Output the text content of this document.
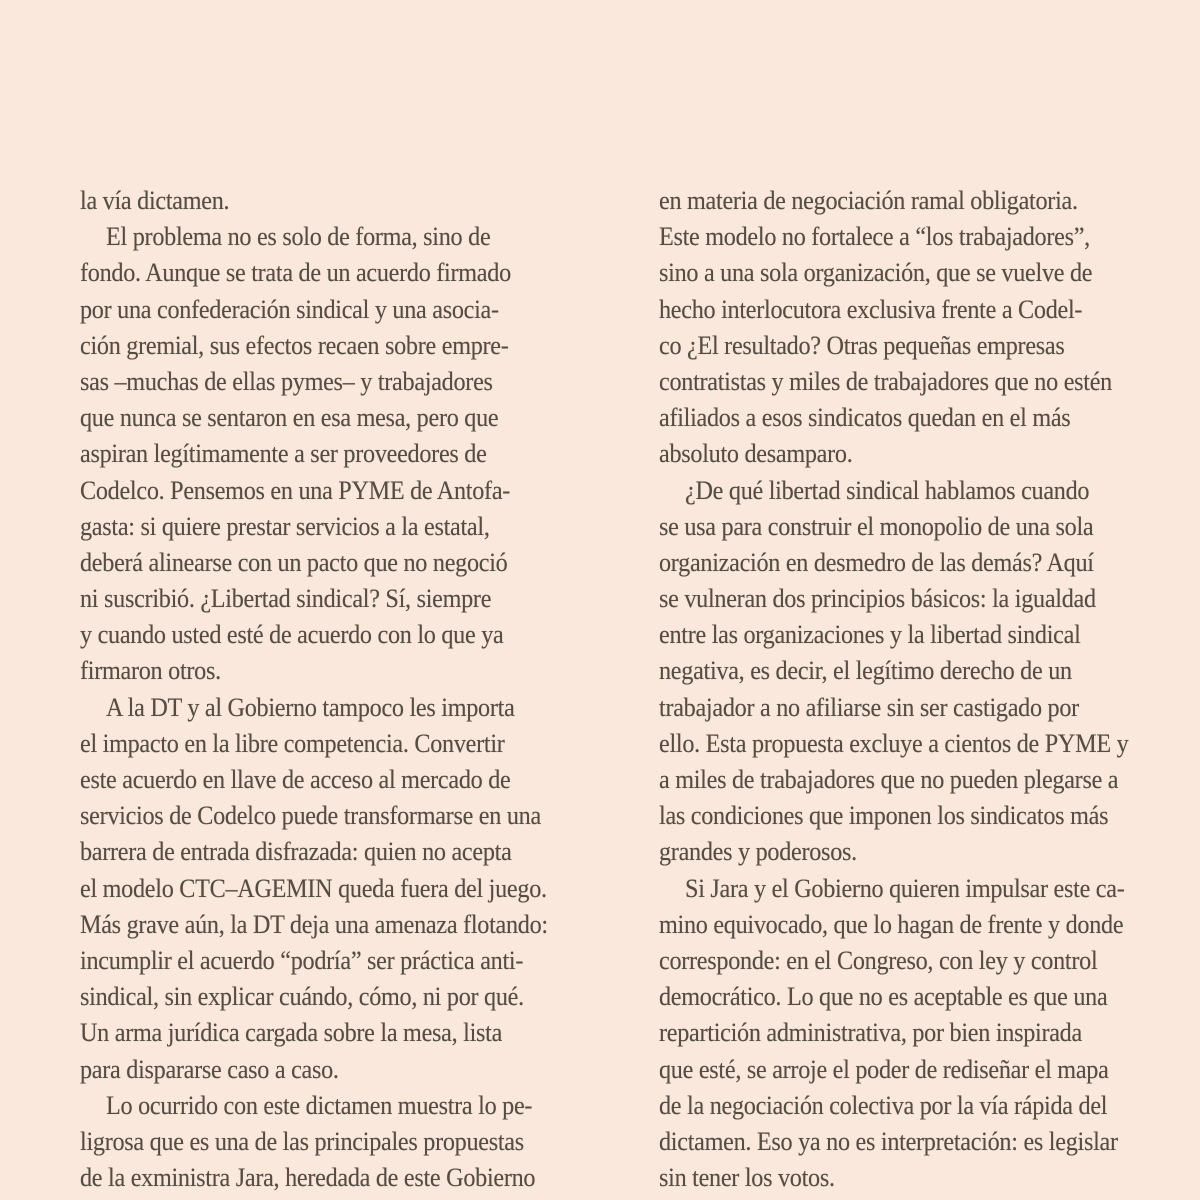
la vía dictamen.
El problema no es solo de forma, sino de
fondo. Aunque se trata de un acuerdo firmado
por una confederación sindical y una asocia-
ción gremial, sus efectos recaen sobre empre-
sas –muchas de ellas pymes– y trabajadores
que nunca se sentaron en esa mesa, pero que
aspiran legítimamente a ser proveedores de
Codelco. Pensemos en una PYME de Antofa-
gasta: si quiere prestar servicios a la estatal,
deberá alinearse con un pacto que no negoció
ni suscribió. ¿Libertad sindical? Sí, siempre
y cuando usted esté de acuerdo con lo que ya
firmaron otros.
A la DT y al Gobierno tampoco les importa
el impacto en la libre competencia. Convertir
este acuerdo en llave de acceso al mercado de
servicios de Codelco puede transformarse en una
barrera de entrada disfrazada: quien no acepta
el modelo CTC–AGEMIN queda fuera del juego.
Más grave aún, la DT deja una amenaza flotando:
incumplir el acuerdo “podría” ser práctica anti-
sindical, sin explicar cuándo, cómo, ni por qué.
Un arma jurídica cargada sobre la mesa, lista
para dispararse caso a caso.
Lo ocurrido con este dictamen muestra lo pe-
ligrosa que es una de las principales propuestas
de la exministra Jara, heredada de este Gobierno
en materia de negociación ramal obligatoria.
Este modelo no fortalece a “los trabajadores”,
sino a una sola organización, que se vuelve de
hecho interlocutora exclusiva frente a Codel-
co ¿El resultado? Otras pequeñas empresas
contratistas y miles de trabajadores que no estén
afiliados a esos sindicatos quedan en el más
absoluto desamparo.
¿De qué libertad sindical hablamos cuando
se usa para construir el monopolio de una sola
organización en desmedro de las demás? Aquí
se vulneran dos principios básicos: la igualdad
entre las organizaciones y la libertad sindical
negativa, es decir, el legítimo derecho de un
trabajador a no afiliarse sin ser castigado por
ello. Esta propuesta excluye a cientos de PYME y
a miles de trabajadores que no pueden plegarse a
las condiciones que imponen los sindicatos más
grandes y poderosos.
Si Jara y el Gobierno quieren impulsar este ca-
mino equivocado, que lo hagan de frente y donde
corresponde: en el Congreso, con ley y control
democrático. Lo que no es aceptable es que una
repartición administrativa, por bien inspirada
que esté, se arroje el poder de rediseñar el mapa
de la negociación colectiva por la vía rápida del
dictamen. Eso ya no es interpretación: es legislar
sin tener los votos.
